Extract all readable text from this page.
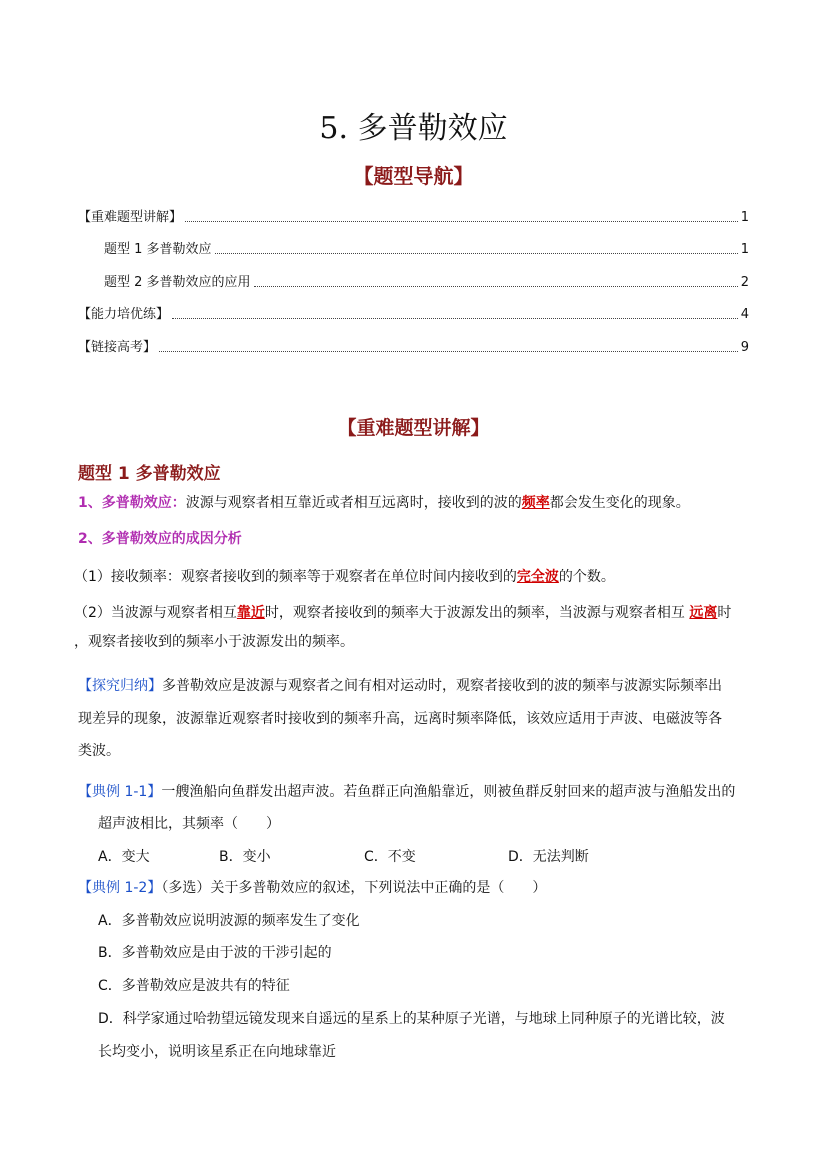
5. 多普勒效应
【题型导航】
【重难题型讲解】	1
题型 1 多普勒效应	1
题型 2 多普勒效应的应用	2
【能力培优练】	4
【链接高考】	9
【重难题型讲解】
题型 1 多普勒效应
1、多普勒效应：波源与观察者相互靠近或者相互远离时，接收到的波的频率都会发生变化的现象。
2、多普勒效应的成因分析
（1）接收频率：观察者接收到的频率等于观察者在单位时间内接收到的完全波的个数。
（2）当波源与观察者相互靠近时，观察者接收到的频率大于波源发出的频率，当波源与观察者相互 远离时
，观察者接收到的频率小于波源发出的频率。
【探究归纳】多普勒效应是波源与观察者之间有相对运动时，观察者接收到的波的频率与波源实际频率出
现差异的现象，波源靠近观察者时接收到的频率升高，远离时频率降低，该效应适用于声波、电磁波等各
类波。
【典例 1-1】一艘渔船向鱼群发出超声波。若鱼群正向渔船靠近，则被鱼群反射回来的超声波与渔船发出的
超声波相比，其频率（　　）
A．变大	B．变小	C．不变	D．无法判断
【典例 1-2】（多选）关于多普勒效应的叙述，下列说法中正确的是（　　）
A．多普勒效应说明波源的频率发生了变化
B．多普勒效应是由于波的干涉引起的
C．多普勒效应是波共有的特征
D．科学家通过哈勃望远镜发现来自遥远的星系上的某种原子光谱，与地球上同种原子的光谱比较，波
长均变小，说明该星系正在向地球靠近
